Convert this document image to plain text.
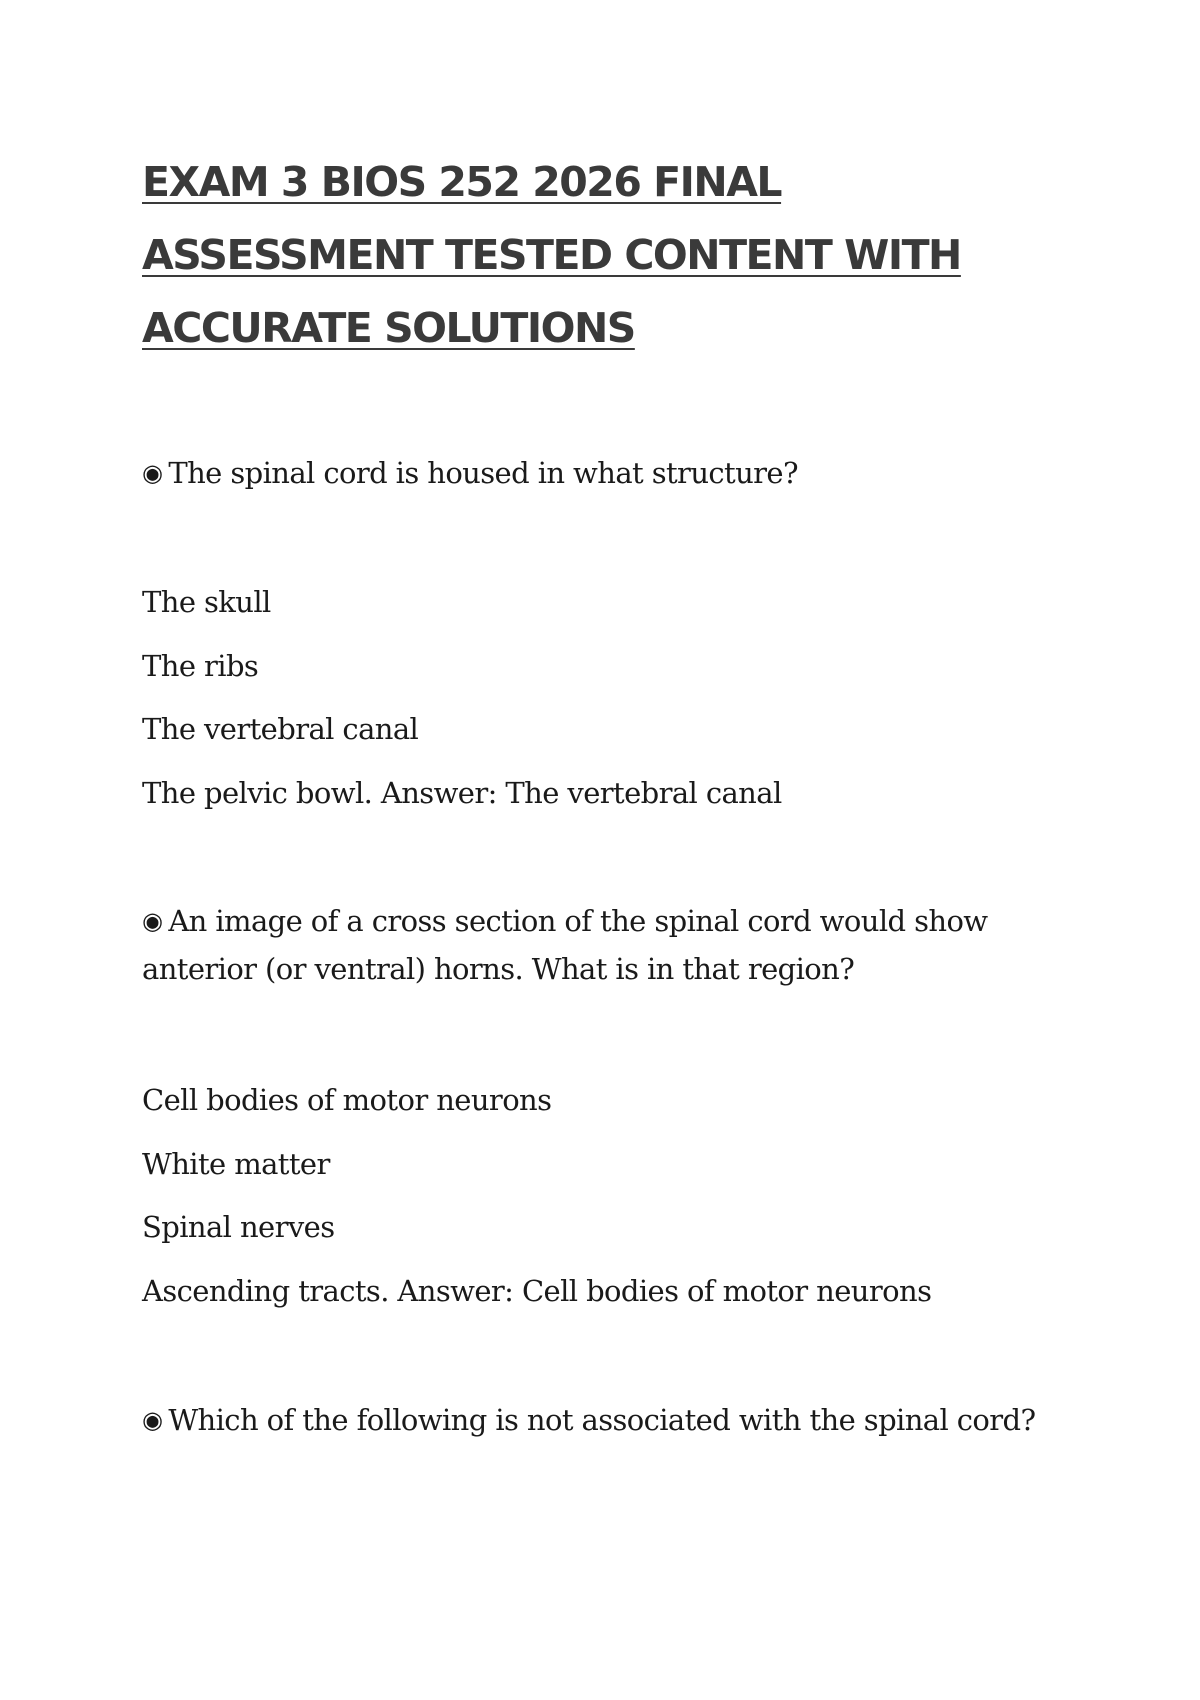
EXAM 3 BIOS 252 2026 FINAL ASSESSMENT TESTED CONTENT WITH ACCURATE SOLUTIONS

◉ The spinal cord is housed in what structure?

The skull

The ribs

The vertebral canal

The pelvic bowl. Answer: The vertebral canal

◉ An image of a cross section of the spinal cord would show anterior (or ventral) horns. What is in that region?

Cell bodies of motor neurons

White matter

Spinal nerves

Ascending tracts. Answer: Cell bodies of motor neurons

◉ Which of the following is not associated with the spinal cord?
